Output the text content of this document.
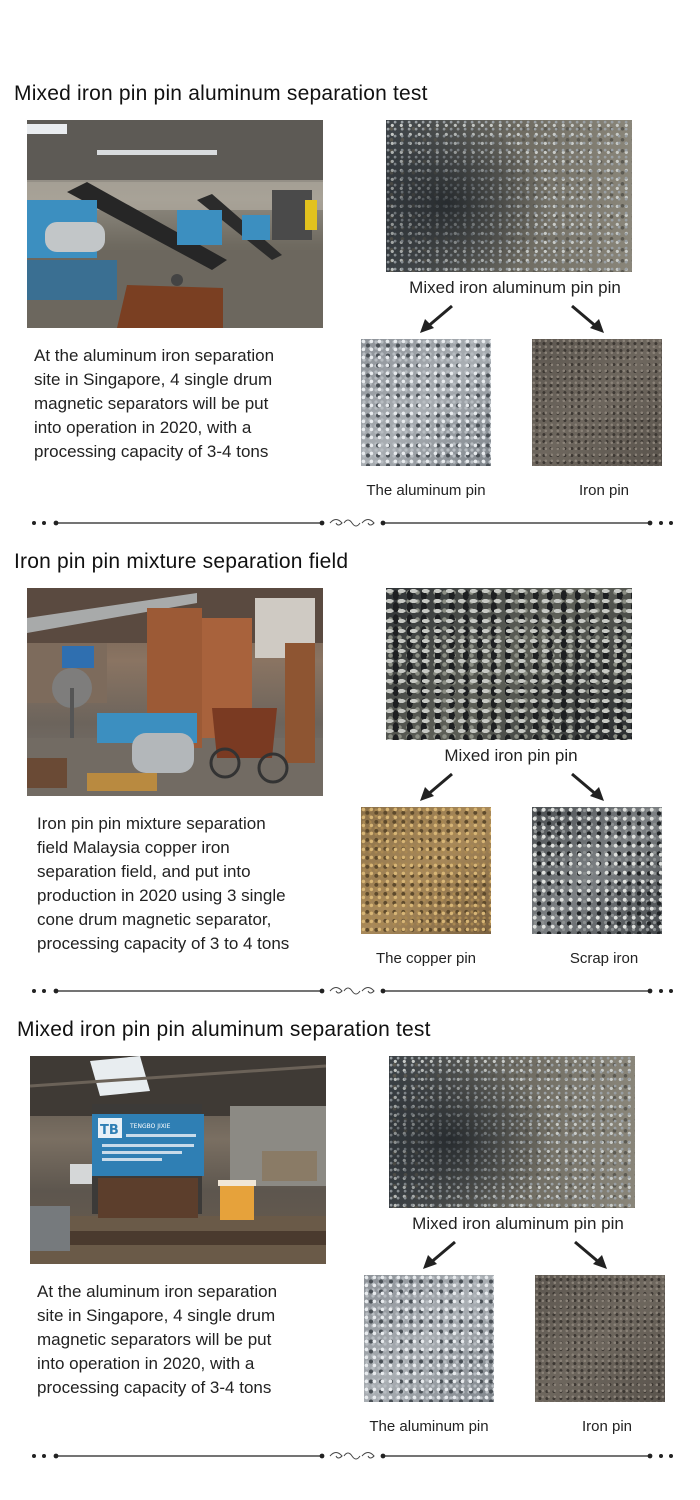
Mixed iron pin pin aluminum separation test
At the aluminum iron separation
site in Singapore, 4 single drum
magnetic separators will be put
into operation in 2020, with a
processing capacity of 3-4 tons
Mixed iron aluminum pin pin
The aluminum pin	Iron pin
Iron pin pin mixture separation field
Iron pin pin mixture separation
field Malaysia copper iron
separation field, and put into
production in 2020 using 3 single
cone drum magnetic separator,
processing capacity of 3 to 4 tons
Mixed iron pin pin
The copper pin	Scrap iron
Mixed iron pin pin aluminum separation test
TB TENGBO JIXIE
At the aluminum iron separation
site in Singapore, 4 single drum
magnetic separators will be put
into operation in 2020, with a
processing capacity of 3-4 tons
Mixed iron aluminum pin pin
The aluminum pin	Iron pin
